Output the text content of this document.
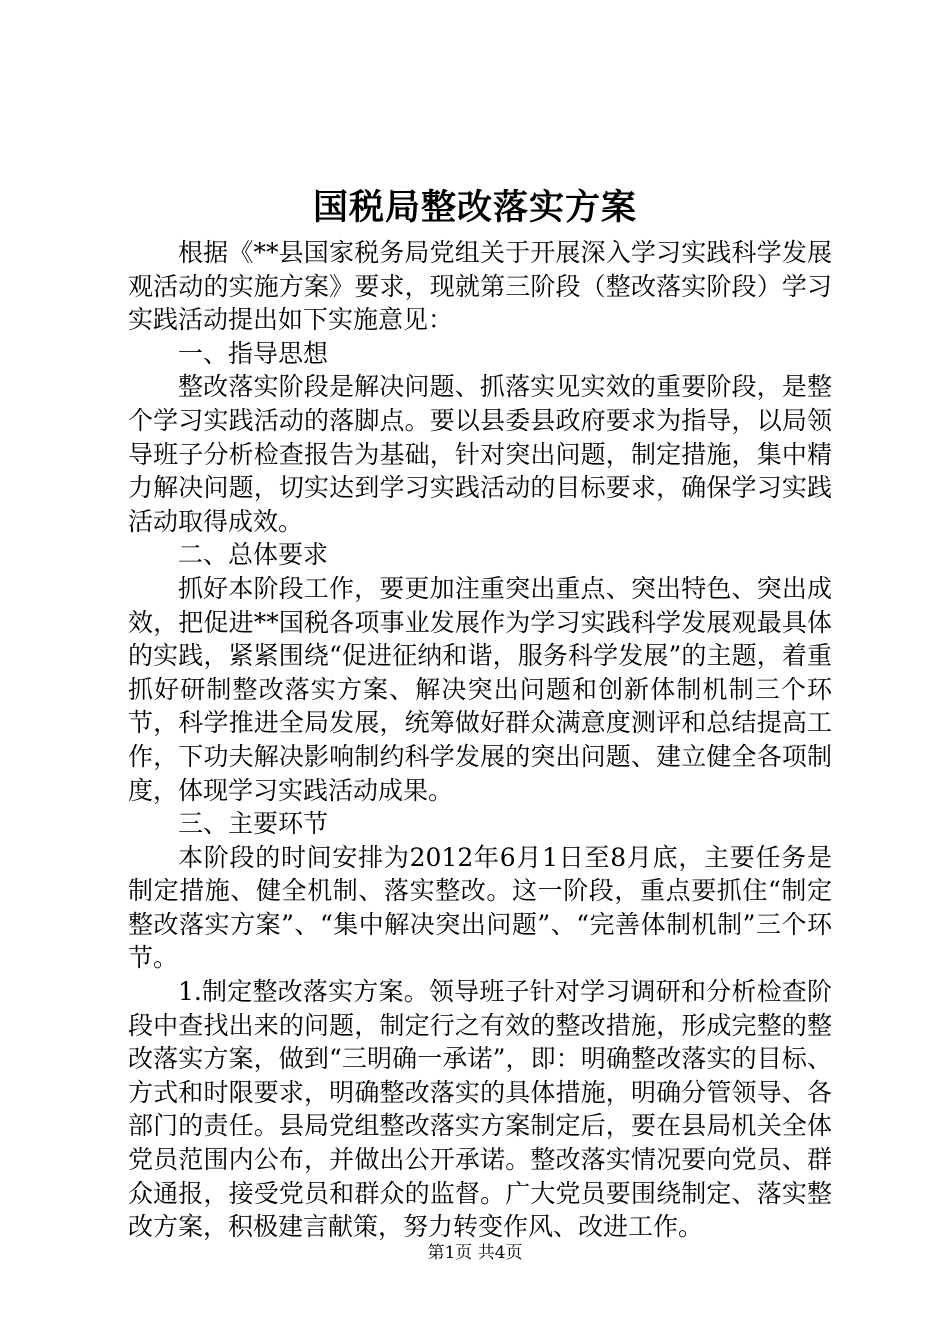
国税局整改落实方案

根据《**县国家税务局党组关于开展深入学习实践科学发展观活动的实施方案》要求，现就第三阶段（整改落实阶段）学习实践活动提出如下实施意见：

一、指导思想

整改落实阶段是解决问题、抓落实见实效的重要阶段，是整个学习实践活动的落脚点。要以县委县政府要求为指导，以局领导班子分析检查报告为基础，针对突出问题，制定措施，集中精力解决问题，切实达到学习实践活动的目标要求，确保学习实践活动取得成效。

二、总体要求

抓好本阶段工作，要更加注重突出重点、突出特色、突出成效，把促进**国税各项事业发展作为学习实践科学发展观最具体的实践，紧紧围绕“促进征纳和谐，服务科学发展”的主题，着重抓好研制整改落实方案、解决突出问题和创新体制机制三个环节，科学推进全局发展，统筹做好群众满意度测评和总结提高工作，下功夫解决影响制约科学发展的突出问题、建立健全各项制度，体现学习实践活动成果。

三、主要环节

本阶段的时间安排为2012年6月1日至8月底，主要任务是制定措施、健全机制、落实整改。这一阶段，重点要抓住“制定整改落实方案”、“集中解决突出问题”、“完善体制机制”三个环节。

1.制定整改落实方案。领导班子针对学习调研和分析检查阶段中查找出来的问题，制定行之有效的整改措施，形成完整的整改落实方案，做到“三明确一承诺”，即：明确整改落实的目标、方式和时限要求，明确整改落实的具体措施，明确分管领导、各部门的责任。县局党组整改落实方案制定后，要在县局机关全体党员范围内公布，并做出公开承诺。整改落实情况要向党员、群众通报，接受党员和群众的监督。广大党员要围绕制定、落实整改方案，积极建言献策，努力转变作风、改进工作。

第1页 共4页
